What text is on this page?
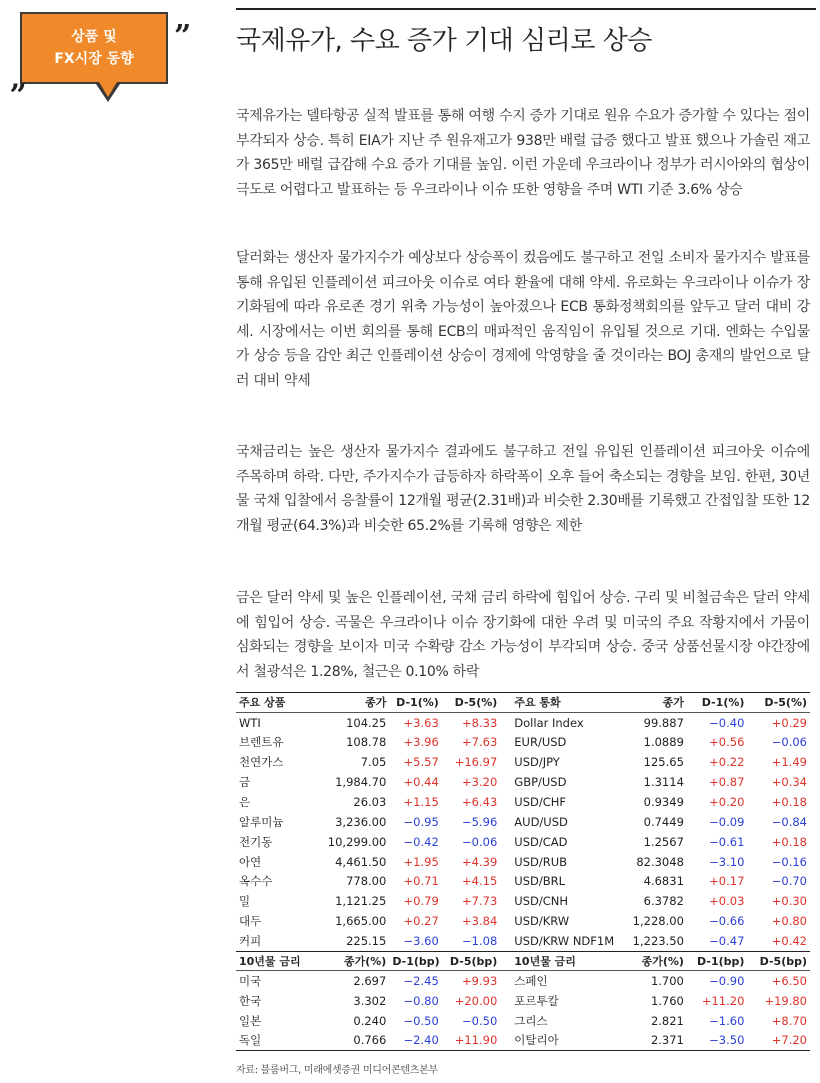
상품 및
FX시장 동향
„
” 국제유가, 수요 증가 기대 심리로 상승

국제유가는 델타항공 실적 발표를 통해 여행 수지 증가 기대로 원유 수요가 증가할 수 있다는 점이 부각되자 상승. 특히 EIA가 지난 주 원유재고가 938만 배럴 급증 했다고 발표 했으나 가솔린 재고가 365만 배럴 급감해 수요 증가 기대를 높임. 이런 가운데 우크라이나 정부가 러시아와의 협상이 극도로 어렵다고 발표하는 등 우크라이나 이슈 또한 영향을 주며 WTI 기준 3.6% 상승

달러화는 생산자 물가지수가 예상보다 상승폭이 컸음에도 불구하고 전일 소비자 물가지수 발표를 통해 유입된 인플레이션 피크아웃 이슈로 여타 환율에 대해 약세. 유로화는 우크라이나 이슈가 장기화됨에 따라 유로존 경기 위축 가능성이 높아졌으나 ECB 통화정책회의를 앞두고 달러 대비 강세. 시장에서는 이번 회의를 통해 ECB의 매파적인 움직임이 유입될 것으로 기대. 엔화는 수입물가 상승 등을 감안 최근 인플레이션 상승이 경제에 악영향을 줄 것이라는 BOJ 총재의 발언으로 달러 대비 약세

국채금리는 높은 생산자 물가지수 결과에도 불구하고 전일 유입된 인플레이션 피크아웃 이슈에 주목하며 하락. 다만, 주가지수가 급등하자 하락폭이 오후 들어 축소되는 경향을 보임. 한편, 30년물 국채 입찰에서 응찰률이 12개월 평균(2.31배)과 비슷한 2.30배를 기록했고 간접입찰 또한 12개월 평균(64.3%)과 비슷한 65.2%를 기록해 영향은 제한

금은 달러 약세 및 높은 인플레이션, 국채 금리 하락에 힘입어 상승. 구리 및 비철금속은 달러 약세에 힘입어 상승. 곡물은 우크라이나 이슈 장기화에 대한 우려 및 미국의 주요 작황지에서 가뭄이 심화되는 경향을 보이자 미국 수확량 감소 가능성이 부각되며 상승. 중국 상품선물시장 야간장에서 철광석은 1.28%, 철근은 0.10% 하락

주요 상품	종가	D-1(%)	D-5(%)	주요 통화	종가	D-1(%)	D-5(%)
WTI	104.25	+3.63	+8.33	Dollar Index	99.887	−0.40	+0.29
브렌트유	108.78	+3.96	+7.63	EUR/USD	1.0889	+0.56	−0.06
천연가스	7.05	+5.57	+16.97	USD/JPY	125.65	+0.22	+1.49
금	1,984.70	+0.44	+3.20	GBP/USD	1.3114	+0.87	+0.34
은	26.03	+1.15	+6.43	USD/CHF	0.9349	+0.20	+0.18
알루미늄	3,236.00	−0.95	−5.96	AUD/USD	0.7449	−0.09	−0.84
전기동	10,299.00	−0.42	−0.06	USD/CAD	1.2567	−0.61	+0.18
아연	4,461.50	+1.95	+4.39	USD/RUB	82.3048	−3.10	−0.16
옥수수	778.00	+0.71	+4.15	USD/BRL	4.6831	+0.17	−0.70
밀	1,121.25	+0.79	+7.73	USD/CNH	6.3782	+0.03	+0.30
대두	1,665.00	+0.27	+3.84	USD/KRW	1,228.00	−0.66	+0.80
커피	225.15	−3.60	−1.08	USD/KRW NDF1M	1,223.50	−0.47	+0.42
10년물 금리	종가(%)	D-1(bp)	D-5(bp)	10년물 금리	종가(%)	D-1(bp)	D-5(bp)
미국	2.697	−2.45	+9.93	스페인	1.700	−0.90	+6.50
한국	3.302	−0.80	+20.00	포르투칼	1.760	+11.20	+19.80
일본	0.240	−0.50	−0.50	그리스	2.821	−1.60	+8.70
독일	0.766	−2.40	+11.90	이탈리아	2.371	−3.50	+7.20
자료: 블룸버그, 미래에셋증권 미디어콘텐츠본부
